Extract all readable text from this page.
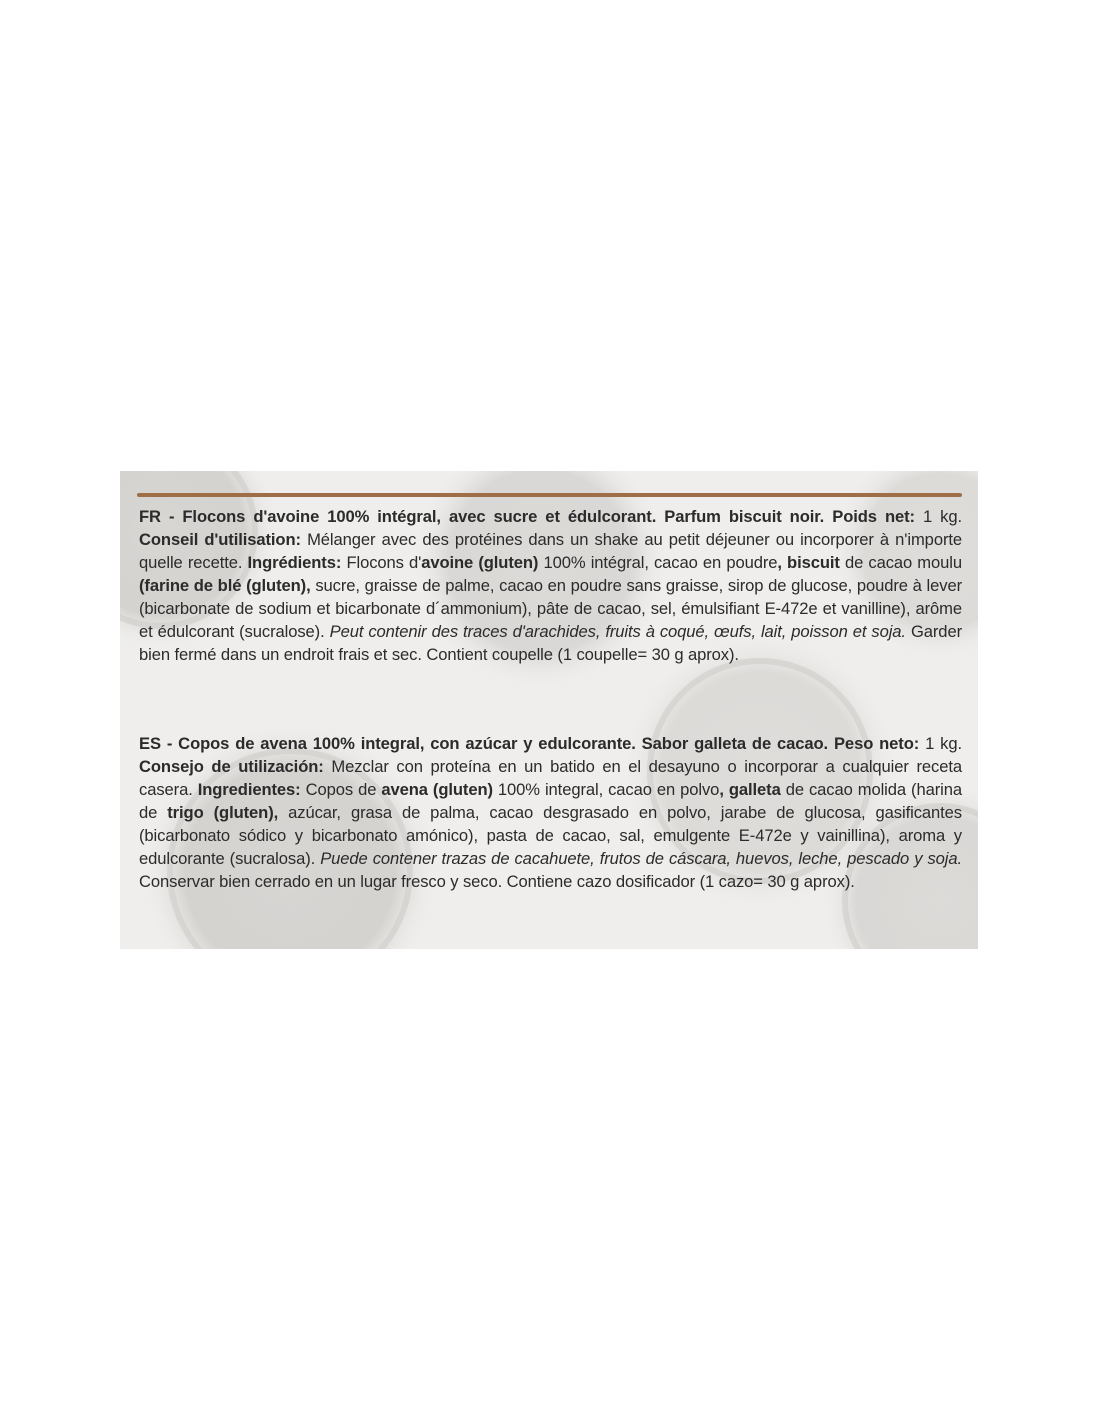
FR - Flocons d'avoine 100% intégral, avec sucre et édulcorant. Parfum biscuit noir. Poids net: 1 kg. Conseil d'utilisation: Mélanger avec des protéines dans un shake au petit déjeuner ou incorporer à n'importe quelle recette. Ingrédients: Flocons d'avoine (gluten) 100% intégral, cacao en poudre, biscuit de cacao moulu (farine de blé (gluten), sucre, graisse de palme, cacao en poudre sans graisse, sirop de glucose, poudre à lever (bicarbonate de sodium et bicarbonate d´ammonium), pâte de cacao, sel, émulsifiant E-472e et vanilline), arôme et édulcorant (sucralose). Peut contenir des traces d'arachides, fruits à coqué, œufs, lait, poisson et soja. Garder bien fermé dans un endroit frais et sec. Contient coupelle (1 coupelle= 30 g aprox).

ES - Copos de avena 100% integral, con azúcar y edulcorante. Sabor galleta de cacao. Peso neto: 1 kg. Consejo de utilización: Mezclar con proteína en un batido en el desayuno o incorporar a cualquier receta casera. Ingredientes: Copos de avena (gluten) 100% integral, cacao en polvo, galleta de cacao molida (harina de trigo (gluten), azúcar, grasa de palma, cacao desgrasado en polvo, jarabe de glucosa, gasificantes (bicarbonato sódico y bicarbonato amónico), pasta de cacao, sal, emulgente E-472e y vainillina), aroma y edulcorante (sucralosa). Puede contener trazas de cacahuete, frutos de cáscara, huevos, leche, pescado y soja. Conservar bien cerrado en un lugar fresco y seco. Contiene cazo dosificador (1 cazo= 30 g aprox).
